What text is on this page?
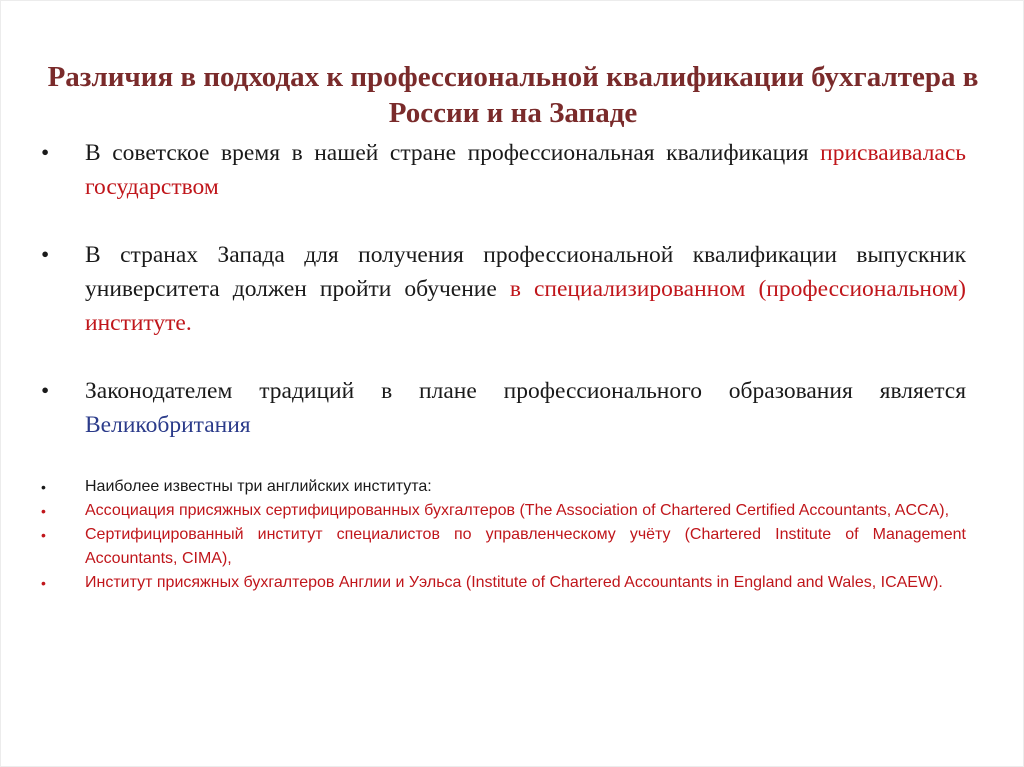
Различия в подходах к профессиональной квалификации бухгалтера в России и на Западе
•	В советское время в нашей стране профессиональная квалификация присваивалась государством
•	В странах Запада для получения профессиональной квалификации выпускник университета должен пройти обучение в специализированном (профессиональном) институте.
•	Законодателем традиций в плане профессионального образования является Великобритания
•	Наиболее известны три английских института:
•	Ассоциация присяжных сертифицированных бухгалтеров (The Association of Chartered Certified Accountants, ACCA),
•	Сертифицированный институт специалистов по управленческому учёту (Chartered Institute of Management Accountants, CIMA),
•	Институт присяжных бухгалтеров Англии и Уэльса (Institute of Chartered Accountants in England and Wales, ICAEW).
